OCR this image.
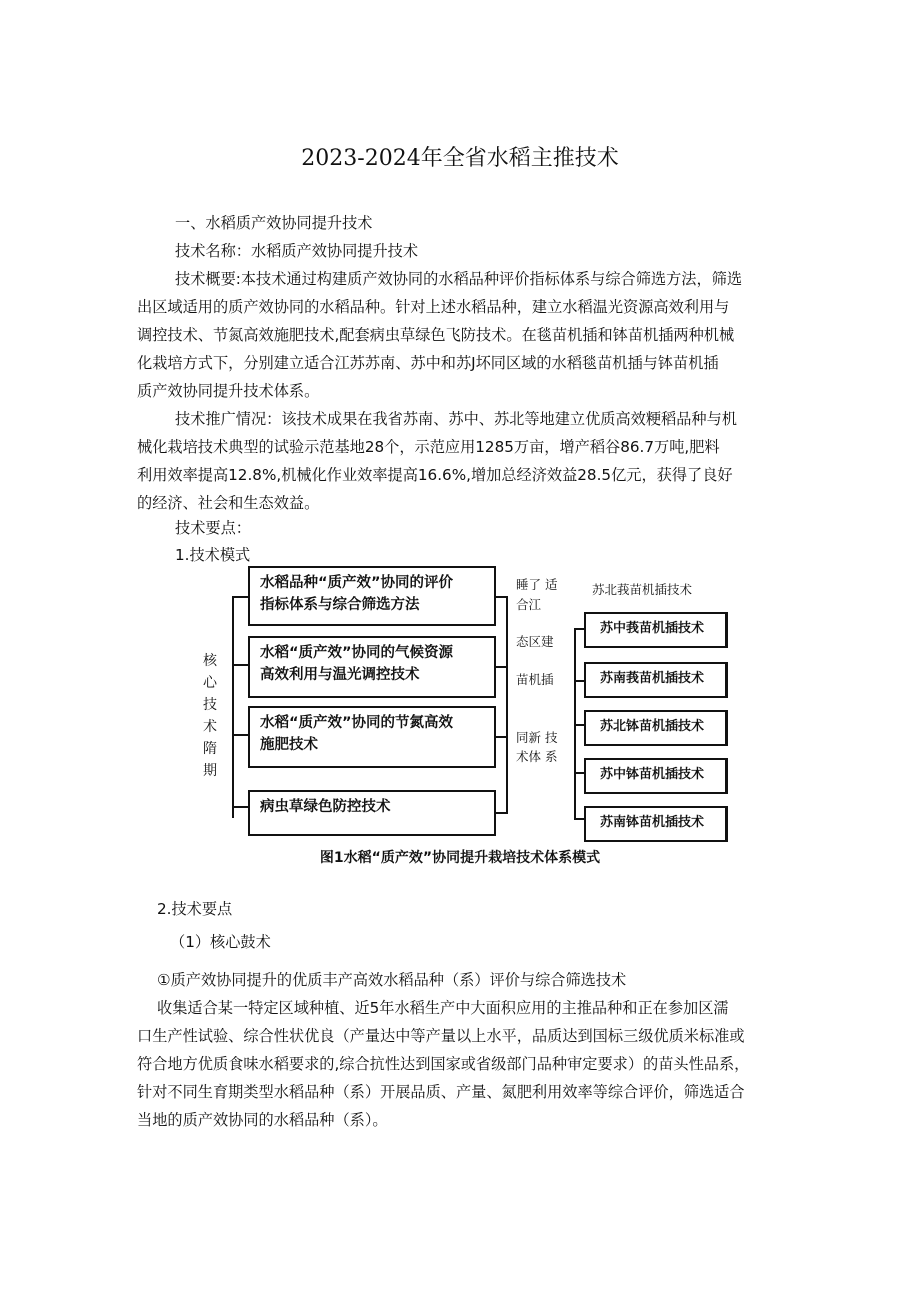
2023-2024年全省水稻主推技术
一、水稻质产效协同提升技术
技术名称：水稻质产效协同提升技术
技术概要:本技术通过构建质产效协同的水稻品种评价指标体系与综合筛选方法，筛选
出区域适用的质产效协同的水稻品种。针对上述水稻品种，建立水稻温光资源高效利用与
调控技术、节氮高效施肥技术,配套病虫草绿色飞防技术。在毯苗机插和钵苗机插两种机械
化栽培方式下，分别建立适合江苏苏南、苏中和苏J坏同区域的水稻毯苗机插与钵苗机插
质产效协同提升技术体系。
技术推广情况：该技术成果在我省苏南、苏中、苏北等地建立优质高效粳稻品种与机
械化栽培技术典型的试验示范基地28个，示范应用1285万亩，增产稻谷86.7万吨,肥料
利用效率提高12.8%,机械化作业效率提高16.6%,增加总经济效益28.5亿元，获得了良好
的经济、社会和生态效益。
技术要点：
1.技术模式
核
心
技
术
隋
期
水稻品种“质产效”协同的评价
指标体系与综合筛选方法
水稻“质产效”协同的气候资源
高效利用与温光调控技术
水稻“质产效”协同的节氮高效
施肥技术
病虫草绿色防控技术
睡了 适
合江
态区建
苗机插
同新 技
术体 系
苏北莪苗机插技术
苏中莪苗机插技术
苏南莪苗机插技术
苏北钵苗机插技术
苏中钵苗机插技术
苏南钵苗机插技术
图1水稻“质产效”协同提升栽培技术体系模式
2.技术要点
（1）核心鼓术
①质产效协同提升的优质丰产高效水稻品种（系）评价与综合筛选技术
收集适合某一特定区域种植、近5年水稻生产中大面积应用的主推品种和正在参加区濡
口生产性试验、综合性状优良（产量达中等产量以上水平，品质达到国标三级优质米标准或
符合地方优质食味水稻要求的,综合抗性达到国家或省级部门品种审定要求）的苗头性品系，
针对不同生育期类型水稻品种（系）开展品质、产量、氮肥利用效率等综合评价，筛选适合
当地的质产效协同的水稻品种（系）。
